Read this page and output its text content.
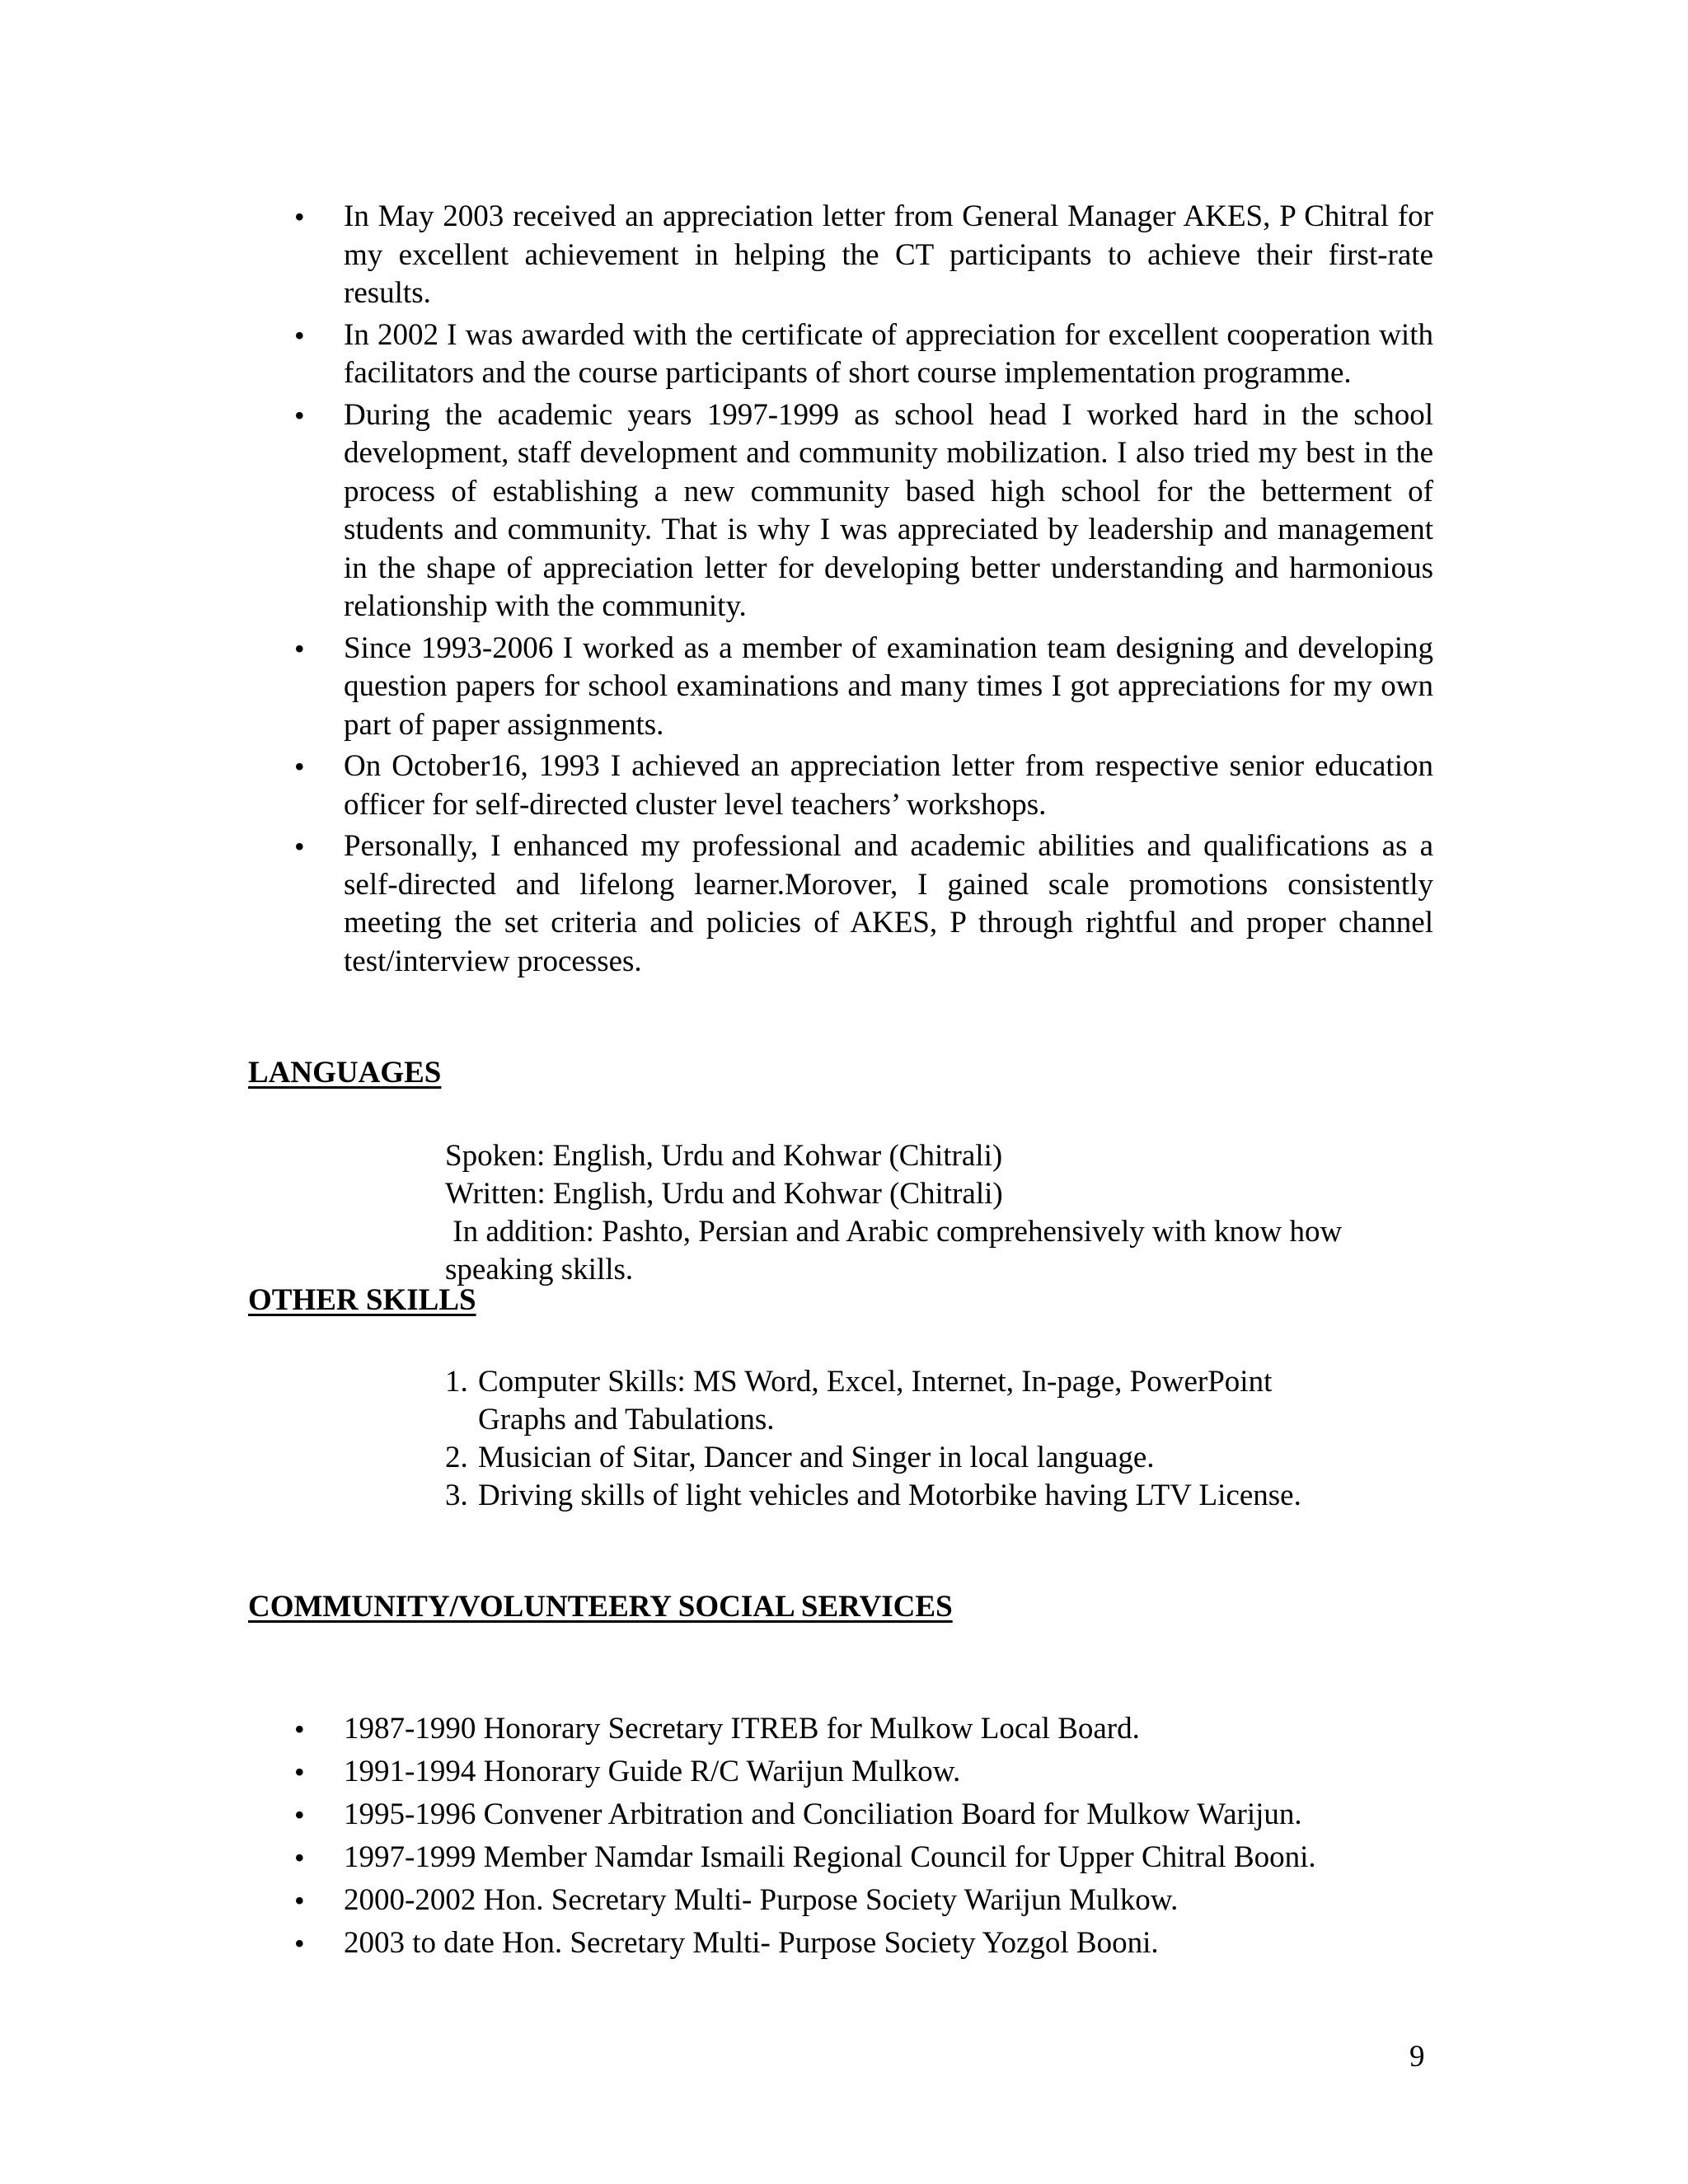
•	In May 2003 received an appreciation letter from General Manager AKES, P Chitral for my excellent achievement in helping the CT participants to achieve their first-rate results.
•	In 2002 I was awarded with the certificate of appreciation for excellent cooperation with facilitators and the course participants of short course implementation programme.
•	During the academic years 1997-1999 as school head I worked hard in the school development, staff development and community mobilization. I also tried my best in the process of establishing a new community based high school for the betterment of students and community. That is why I was appreciated by leadership and management in the shape of appreciation letter for developing better understanding and harmonious relationship with the community.
•	Since 1993-2006 I worked as a member of examination team designing and developing question papers for school examinations and many times I got appreciations for my own part of paper assignments.
•	On October16, 1993 I achieved an appreciation letter from respective senior education officer for self-directed cluster level teachers’ workshops.
•	Personally, I enhanced my professional and academic abilities and qualifications as a self-directed and lifelong learner.Morover, I gained scale promotions consistently meeting the set criteria and policies of AKES, P through rightful and proper channel test/interview processes.
LANGUAGES
Spoken: English, Urdu and Kohwar (Chitrali)
Written: English, Urdu and Kohwar (Chitrali)
In addition: Pashto, Persian and Arabic comprehensively with know how
speaking skills.
OTHER SKILLS
1. Computer Skills: MS Word, Excel, Internet, In-page, PowerPoint
Graphs and Tabulations.
2. Musician of Sitar, Dancer and Singer in local language.
3. Driving skills of light vehicles and Motorbike having LTV License.
COMMUNITY/VOLUNTEERY SOCIAL SERVICES
•	1987-1990 Honorary Secretary ITREB for Mulkow Local Board.
•	1991-1994 Honorary Guide R/C Warijun Mulkow.
•	1995-1996 Convener Arbitration and Conciliation Board for Mulkow Warijun.
•	1997-1999 Member Namdar Ismaili Regional Council for Upper Chitral Booni.
•	2000-2002 Hon. Secretary Multi- Purpose Society Warijun Mulkow.
•	2003 to date Hon. Secretary Multi- Purpose Society Yozgol Booni.
9
